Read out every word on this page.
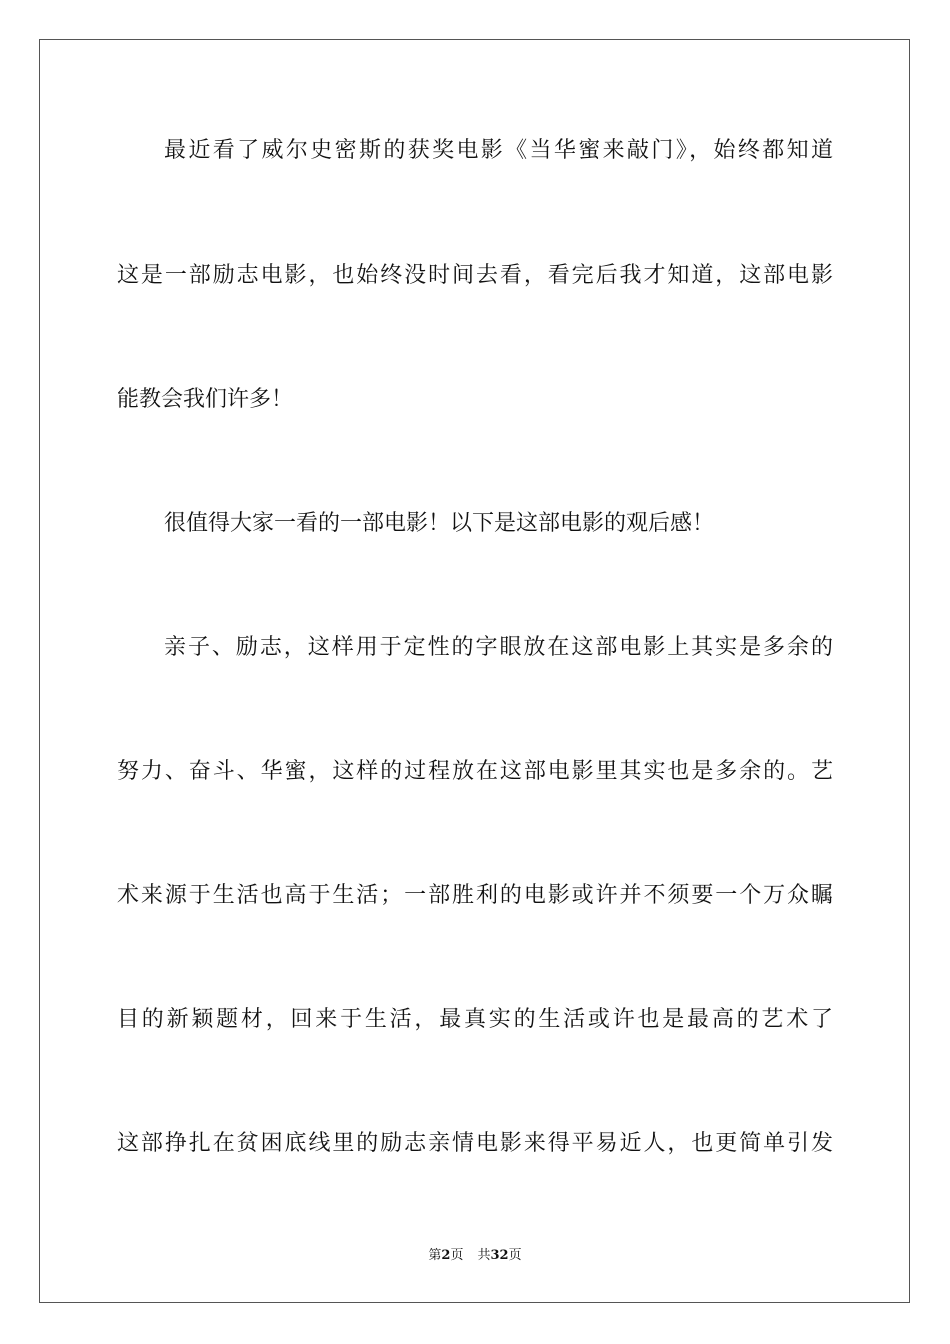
最近看了威尔史密斯的获奖电影《当华蜜来敲门》，始终都知道
这是一部励志电影，也始终没时间去看，看完后我才知道，这部电影
能教会我们许多！
很值得大家一看的一部电影！以下是这部电影的观后感！
亲子、励志，这样用于定性的字眼放在这部电影上其实是多余的
努力、奋斗、华蜜，这样的过程放在这部电影里其实也是多余的。艺
术来源于生活也高于生活；一部胜利的电影或许并不须要一个万众瞩
目的新颖题材，回来于生活，最真实的生活或许也是最高的艺术了
这部挣扎在贫困底线里的励志亲情电影来得平易近人，也更简单引发
第2页 共32页
